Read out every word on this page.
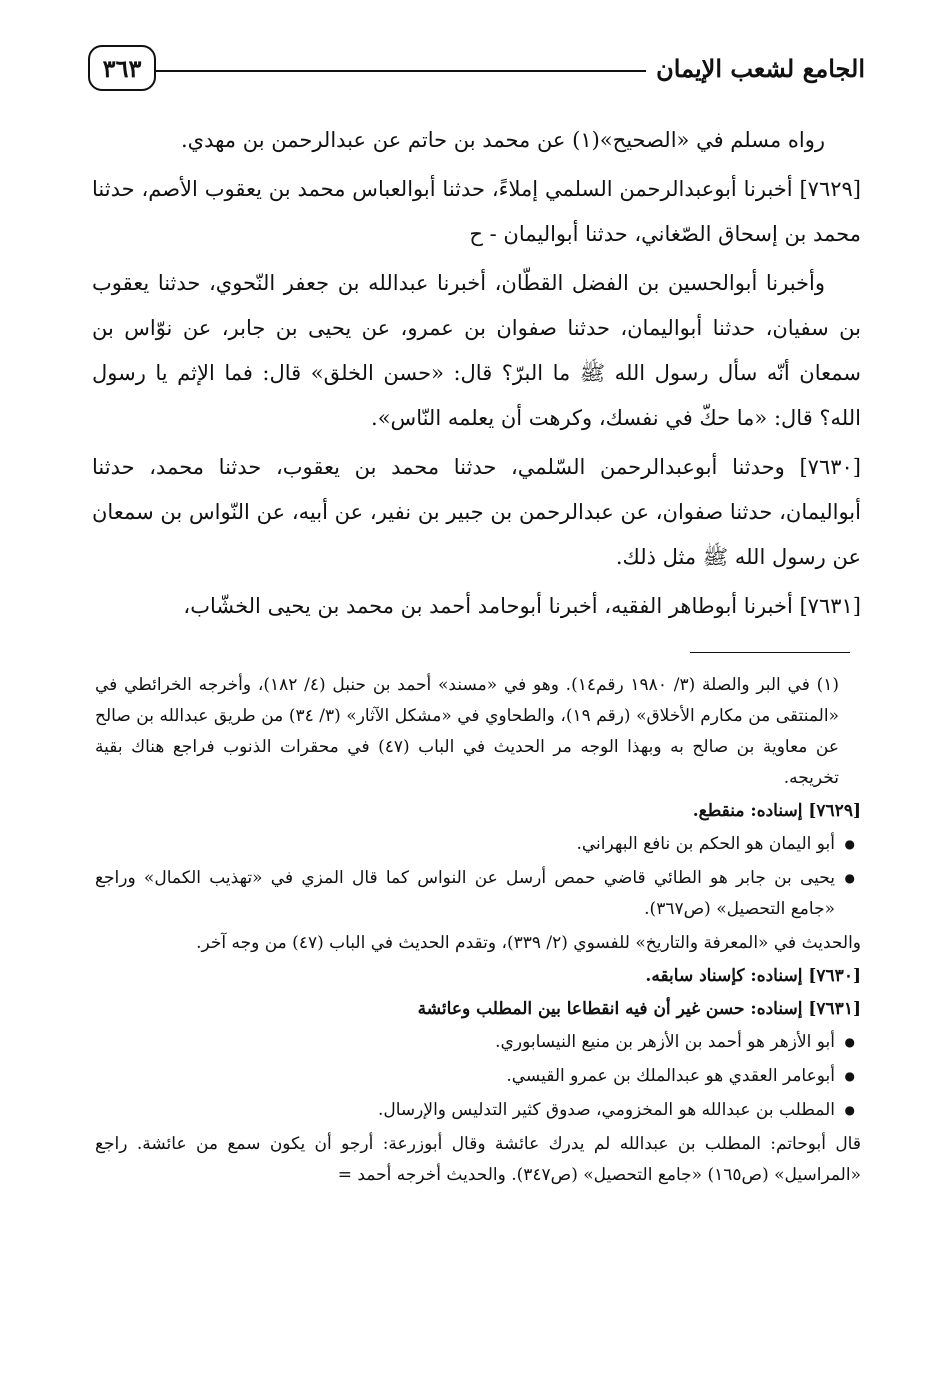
الجامع لشعب الإيمان
٣٦٣

رواه مسلم في «الصحيح»(١) عن محمد بن حاتم عن عبدالرحمن بن مهدي.

[٧٦٢٩] أخبرنا أبوعبدالرحمن السلمي إملاءً، حدثنا أبوالعباس محمد بن يعقوب الأصم، حدثنا محمد بن إسحاق الصّغاني، حدثنا أبواليمان - ح

وأخبرنا أبوالحسين بن الفضل القطّان، أخبرنا عبدالله بن جعفر النّحوي، حدثنا يعقوب بن سفيان، حدثنا أبواليمان، حدثنا صفوان بن عمرو، عن يحيى بن جابر، عن نوّاس بن سمعان أنّه سأل رسول الله ﷺ ما البرّ؟ قال: «حسن الخلق» قال: فما الإثم يا رسول الله؟ قال: «ما حكّ في نفسك، وكرهت أن يعلمه النّاس».

[٧٦٣٠] وحدثنا أبوعبدالرحمن السّلمي، حدثنا محمد بن يعقوب، حدثنا محمد، حدثنا أبواليمان، حدثنا صفوان، عن عبدالرحمن بن جبير بن نفير، عن أبيه، عن النّواس بن سمعان عن رسول الله ﷺ مثل ذلك.

[٧٦٣١] أخبرنا أبوطاهر الفقيه، أخبرنا أبوحامد أحمد بن محمد بن يحيى الخشّاب،

(١) في البر والصلة (٣/ ١٩٨٠ رقم١٤). وهو في «مسند» أحمد بن حنبل (٤/ ١٨٢)، وأخرجه الخرائطي في «المنتقى من مكارم الأخلاق» (رقم ١٩)، والطحاوي في «مشكل الآثار» (٣/ ٣٤) من طريق عبدالله بن صالح عن معاوية بن صالح به وبهذا الوجه مر الحديث في الباب (٤٧) في محقرات الذنوب فراجع هناك بقية تخريجه.

[٧٦٢٩] إسناده: منقطع.

● أبو اليمان هو الحكم بن نافع البهراني.

● يحيى بن جابر هو الطائي قاضي حمص أرسل عن النواس كما قال المزي في «تهذيب الكمال» وراجع «جامع التحصيل» (ص٣٦٧).

والحديث في «المعرفة والتاريخ» للفسوي (٢/ ٣٣٩)، وتقدم الحديث في الباب (٤٧) من وجه آخر.

[٧٦٣٠] إسناده: كإسناد سابقه.

[٧٦٣١] إسناده: حسن غير أن فيه انقطاعا بين المطلب وعائشة

● أبو الأزهر هو أحمد بن الأزهر بن منيع النيسابوري.

● أبوعامر العقدي هو عبدالملك بن عمرو القيسي.

● المطلب بن عبدالله هو المخزومي، صدوق كثير التدليس والإرسال.

قال أبوحاتم: المطلب بن عبدالله لم يدرك عائشة وقال أبوزرعة: أرجو أن يكون سمع من عائشة. راجع «المراسيل» (ص١٦٥) «جامع التحصيل» (ص٣٤٧). والحديث أخرجه أحمد =
